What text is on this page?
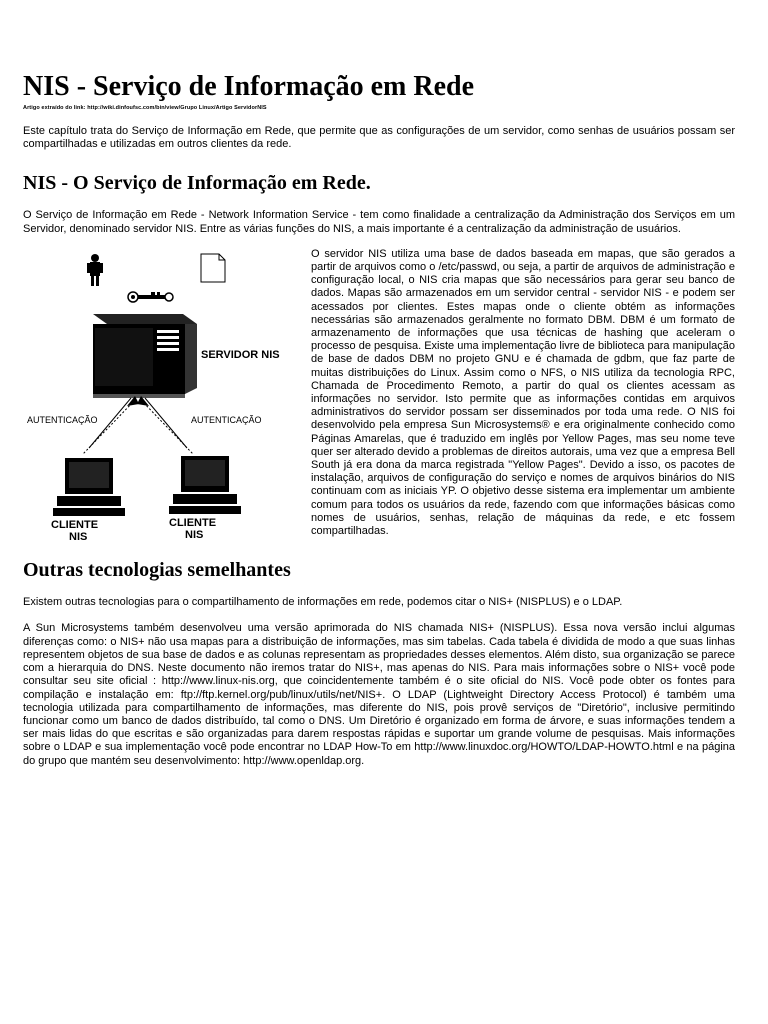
NIS - Serviço de Informação em Rede
Artigo extraído do link: http://wiki.dinfoufsc.com/bin/view/Grupo Linux/Artigo ServidorNIS

Este capítulo trata do Serviço de Informação em Rede, que permite que as configurações de um servidor, como senhas de usuários possam ser compartilhadas e utilizadas em outros clientes da rede.

NIS - O Serviço de Informação em Rede.

O Serviço de Informação em Rede - Network Information Service - tem como finalidade a centralização da Administração dos Serviços em um Servidor, denominado servidor NIS. Entre as várias funções do NIS, a mais importante é a centralização da administração de usuários.

SERVIDOR NIS
AUTENTICAÇÃO	AUTENTICAÇÃO
CLIENTE
NIS
CLIENTE
NIS

O servidor NIS utiliza uma base de dados baseada em mapas, que são gerados a partir de arquivos como o /etc/passwd, ou seja, a partir de arquivos de administração e configuração local, o NIS cria mapas que são necessários para gerar seu banco de dados. Mapas são armazenados em um servidor central - servidor NIS - e podem ser acessados por clientes. Estes mapas onde o cliente obtém as informações necessárias são armazenados geralmente no formato DBM. DBM é um formato de armazenamento de informações que usa técnicas de hashing que aceleram o processo de pesquisa. Existe uma implementação livre de biblioteca para manipulação de base de dados DBM no projeto GNU e é chamada de gdbm, que faz parte de muitas distribuições do Linux. Assim como o NFS, o NIS utiliza da tecnologia RPC, Chamada de Procedimento Remoto, a partir do qual os clientes acessam as informações no servidor. Isto permite que as informações contidas em arquivos administrativos do servidor possam ser disseminados por toda uma rede. O NIS foi desenvolvido pela empresa Sun Microsystems® e era originalmente conhecido como Páginas Amarelas, que é traduzido em inglês por Yellow Pages, mas seu nome teve quer ser alterado devido a problemas de direitos autorais, uma vez que a empresa Bell South já era dona da marca registrada "Yellow Pages". Devido a isso, os pacotes de instalação, arquivos de configuração do serviço e nomes de arquivos binários do NIS continuam com as iniciais YP. O objetivo desse sistema era implementar um ambiente comum para todos os usuários da rede, fazendo com que informações básicas como nomes de usuários, senhas, relação de máquinas da rede, e etc fossem compartilhadas.

Outras tecnologias semelhantes

Existem outras tecnologias para o compartilhamento de informações em rede, podemos citar o NIS+ (NISPLUS) e o LDAP.

A Sun Microsystems também desenvolveu uma versão aprimorada do NIS chamada NIS+ (NISPLUS). Essa nova versão inclui algumas diferenças como: o NIS+ não usa mapas para a distribuição de informações, mas sim tabelas. Cada tabela é dividida de modo a que suas linhas representem objetos de sua base de dados e as colunas representam as propriedades desses elementos. Além disto, sua organização se parece com a hierarquia do DNS. Neste documento não iremos tratar do NIS+, mas apenas do NIS. Para mais informações sobre o NIS+ você pode consultar seu site oficial : http://www.linux-nis.org, que coincidentemente também é o site oficial do NIS. Você pode obter os fontes para compilação e instalação em: ftp://ftp.kernel.org/pub/linux/utils/net/NIS+. O LDAP (Lightweight Directory Access Protocol) é também uma tecnologia utilizada para compartilhamento de informações, mas diferente do NIS, pois provê serviços de "Diretório", inclusive permitindo funcionar como um banco de dados distribuído, tal como o DNS. Um Diretório é organizado em forma de árvore, e suas informações tendem a ser mais lidas do que escritas e são organizadas para darem respostas rápidas e suportar um grande volume de pesquisas. Mais informações sobre o LDAP e sua implementação você pode encontrar no LDAP How-To em http://www.linuxdoc.org/HOWTO/LDAP-HOWTO.html e na página do grupo que mantém seu desenvolvimento: http://www.openldap.org.
